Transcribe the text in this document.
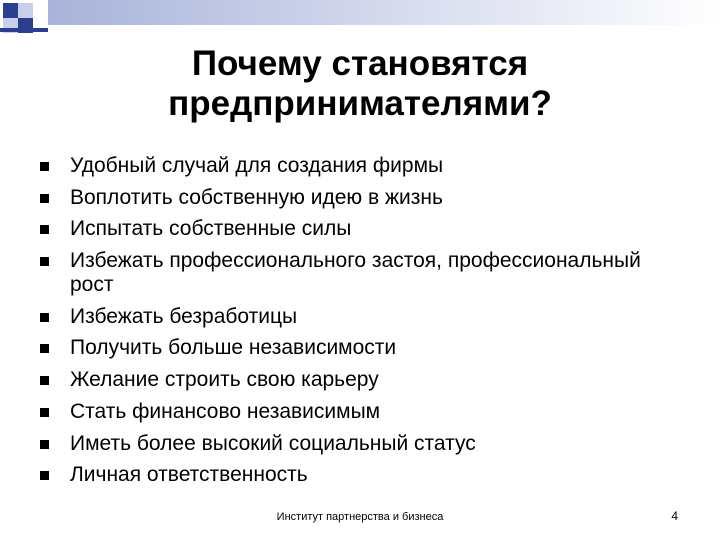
Почему становятся предпринимателями?
Удобный случай для создания фирмы
Воплотить собственную идею в жизнь
Испытать собственные силы
Избежать профессионального застоя, профессиональный рост
Избежать безработицы
Получить больше независимости
Желание строить свою карьеру
Стать финансово независимым
Иметь более высокий социальный статус
Личная ответственность
Институт партнерства и бизнеса	4
